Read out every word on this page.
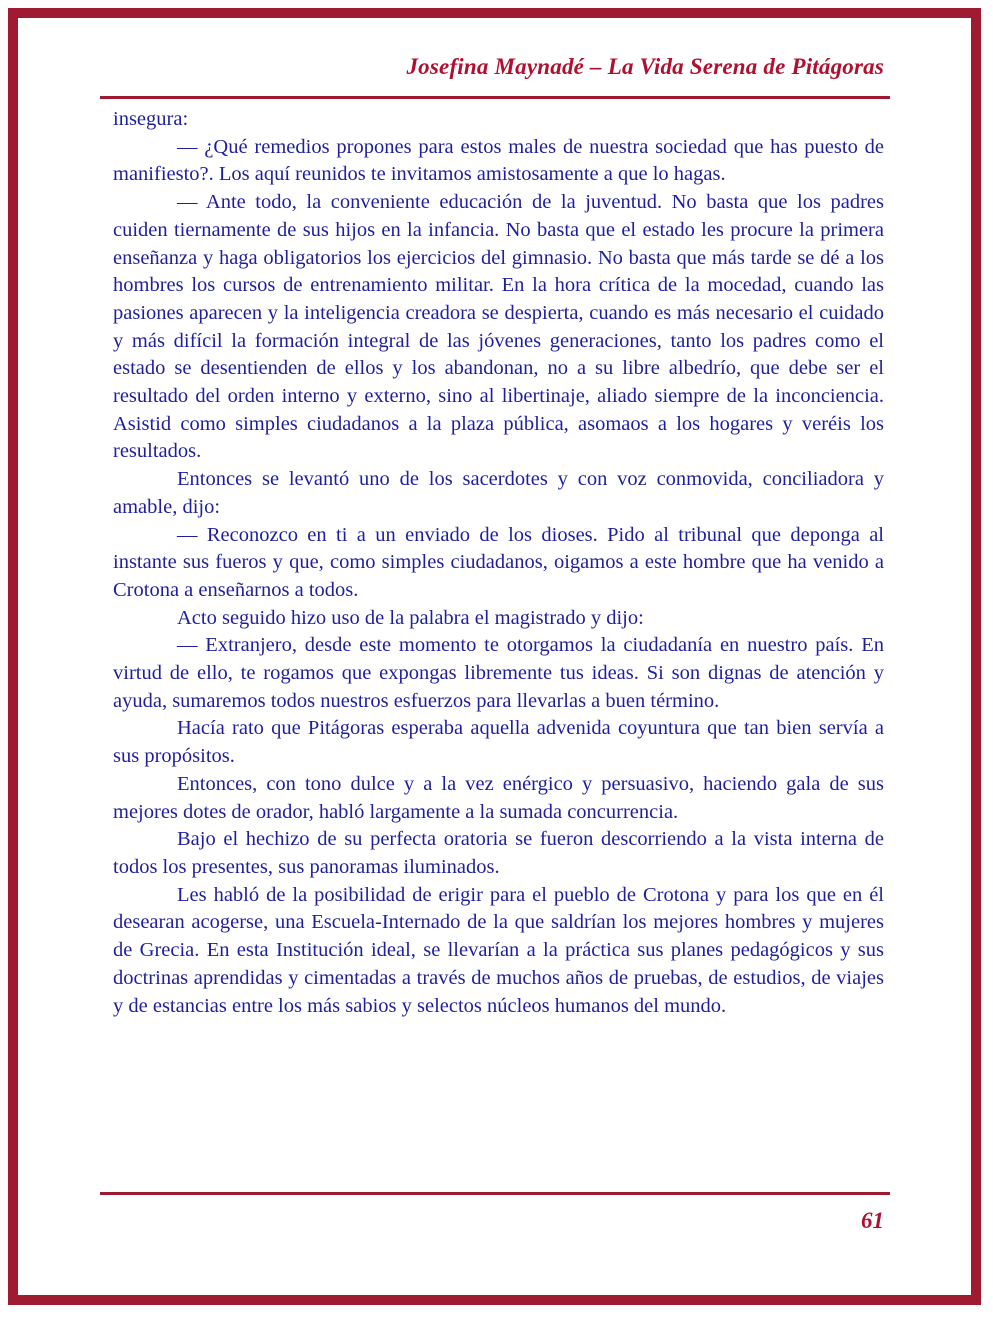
Josefina Maynadé – La Vida Serena de Pitágoras

insegura:

— ¿Qué remedios propones para estos males de nuestra sociedad que has puesto de manifiesto?. Los aquí reunidos te invitamos amistosamente a que lo hagas.

— Ante todo, la conveniente educación de la juventud. No basta que los padres cuiden tiernamente de sus hijos en la infancia. No basta que el estado les procure la primera enseñanza y haga obligatorios los ejercicios del gimnasio. No basta que más tarde se dé a los hombres los cursos de entrenamiento militar. En la hora crítica de la mocedad, cuando las pasiones aparecen y la inteligencia creadora se despierta, cuando es más necesario el cuidado y más difícil la formación integral de las jóvenes generaciones, tanto los padres como el estado se desentienden de ellos y los abandonan, no a su libre albedrío, que debe ser el resultado del orden interno y externo, sino al libertinaje, aliado siempre de la inconciencia. Asistid como simples ciudadanos a la plaza pública, asomaos a los hogares y veréis los resultados.

Entonces se levantó uno de los sacerdotes y con voz conmovida, conciliadora y amable, dijo:

— Reconozco en ti a un enviado de los dioses. Pido al tribunal que deponga al instante sus fueros y que, como simples ciudadanos, oigamos a este hombre que ha venido a Crotona a enseñarnos a todos.

Acto seguido hizo uso de la palabra el magistrado y dijo:

— Extranjero, desde este momento te otorgamos la ciudadanía en nuestro país. En virtud de ello, te rogamos que expongas libremente tus ideas. Si son dignas de atención y ayuda, sumaremos todos nuestros esfuerzos para llevarlas a buen término.

Hacía rato que Pitágoras esperaba aquella advenida coyuntura que tan bien servía a sus propósitos.

Entonces, con tono dulce y a la vez enérgico y persuasivo, haciendo gala de sus mejores dotes de orador, habló largamente a la sumada concurrencia.

Bajo el hechizo de su perfecta oratoria se fueron descorriendo a la vista interna de todos los presentes, sus panoramas iluminados.

Les habló de la posibilidad de erigir para el pueblo de Crotona y para los que en él desearan acogerse, una Escuela-Internado de la que saldrían los mejores hombres y mujeres de Grecia. En esta Institución ideal, se llevarían a la práctica sus planes pedagógicos y sus doctrinas aprendidas y cimentadas a través de muchos años de pruebas, de estudios, de viajes y de estancias entre los más sabios y selectos núcleos humanos del mundo.

61
